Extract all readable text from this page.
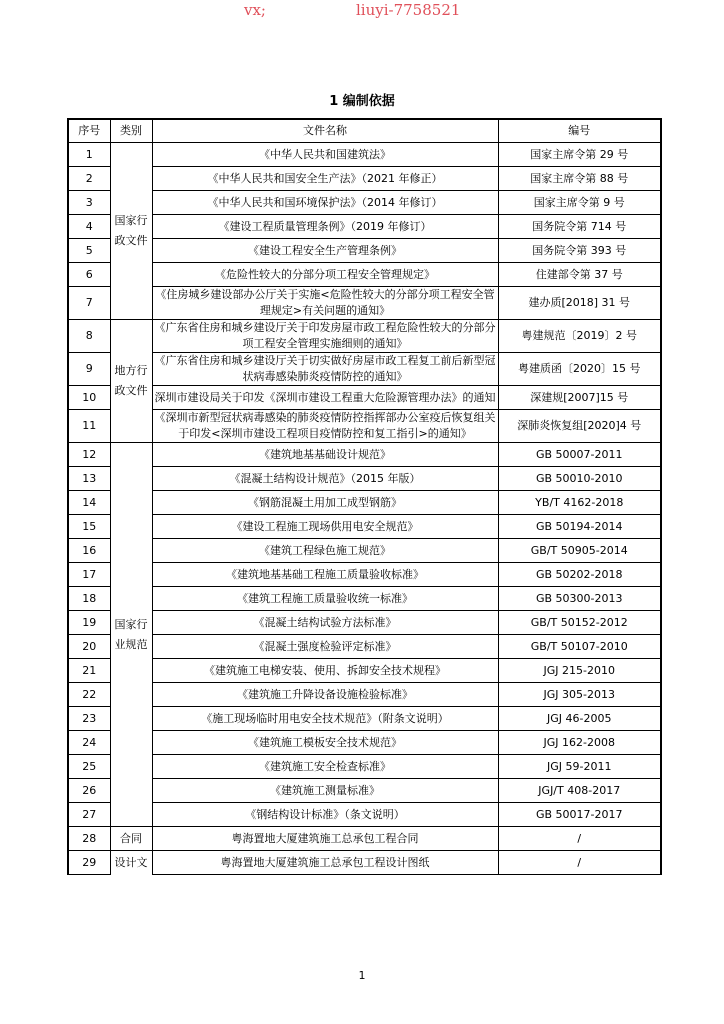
vx;

	liuyi-7758521

1 编制依据
序号	类别	文件名称	编号
1	国家行政文件	《中华人民共和国建筑法》	国家主席令第 29 号
2		《中华人民共和国安全生产法》（2021 年修正）	国家主席令第 88 号
3		《中华人民共和国环境保护法》（2014 年修订）	国家主席令第 9 号
4		《建设工程质量管理条例》（2019 年修订）	国务院令第 714 号
5		《建设工程安全生产管理条例》	国务院令第 393 号
6		《危险性较大的分部分项工程安全管理规定》	住建部令第 37 号
7		《住房城乡建设部办公厅关于实施<危险性较大的分部分项工程安全管理规定>有关问题的通知》	建办质[2018] 31 号
8	地方行政文件	《广东省住房和城乡建设厅关于印发房屋市政工程危险性较大的分部分项工程安全管理实施细则的通知》	粤建规范〔2019〕2 号
9		《广东省住房和城乡建设厅关于切实做好房屋市政工程复工前后新型冠状病毒感染肺炎疫情防控的通知》	粤建质函〔2020〕15 号
10		深圳市建设局关于印发《深圳市建设工程重大危险源管理办法》的通知	深建规[2007]15 号
11		《深圳市新型冠状病毒感染的肺炎疫情防控指挥部办公室疫后恢复组关于印发<深圳市建设工程项目疫情防控和复工指引>的通知》	深肺炎恢复组[2020]4 号
12	国家行业规范	《建筑地基基础设计规范》	GB 50007-2011
13		《混凝土结构设计规范》（2015 年版）	GB 50010-2010
14		《钢筋混凝土用加工成型钢筋》	YB/T 4162-2018
15		《建设工程施工现场供用电安全规范》	GB 50194-2014
16		《建筑工程绿色施工规范》	GB/T 50905-2014
17		《建筑地基基础工程施工质量验收标准》	GB 50202-2018
18		《建筑工程施工质量验收统一标准》	GB 50300-2013
19		《混凝土结构试验方法标准》	GB/T 50152-2012
20		《混凝土强度检验评定标准》	GB/T 50107-2010
21		《建筑施工电梯安装、使用、拆卸安全技术规程》	JGJ 215-2010
22		《建筑施工升降设备设施检验标准》	JGJ 305-2013
23		《施工现场临时用电安全技术规范》（附条文说明）	JGJ 46-2005
24		《建筑施工模板安全技术规范》	JGJ 162-2008
25		《建筑施工安全检查标准》	JGJ 59-2011
26		《建筑施工测量标准》	JGJ/T 408-2017
27		《钢结构设计标准》（条文说明）	GB 50017-2017
28	合同	粤海置地大厦建筑施工总承包工程合同	/
29	设计文	粤海置地大厦建筑施工总承包工程设计图纸	/
1
